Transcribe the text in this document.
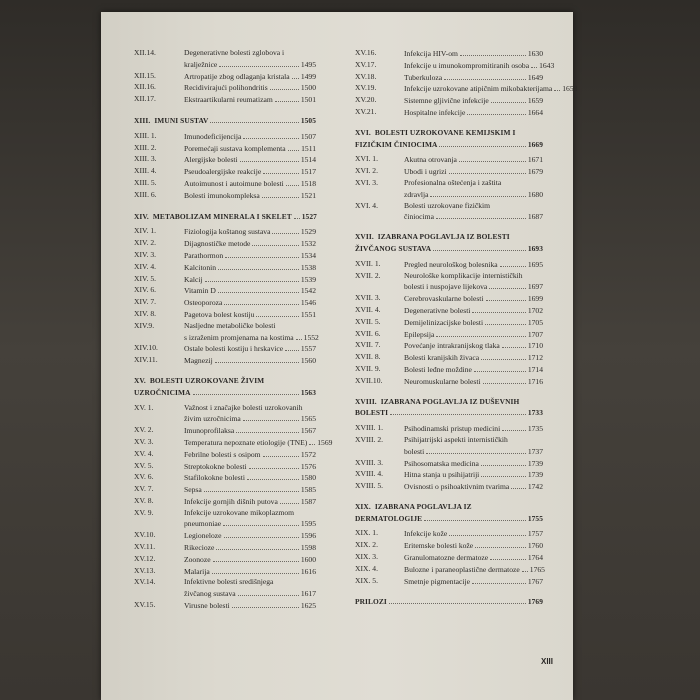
XII.14.	Degenerativne bolesti zglobova i
kralježnice	1495
XII.15.	Artropatije zbog odlaganja kristala 1499
XII.16.	Recidivirajući polihondritis	1500
XII.17.	Ekstraartikularni reumatizam	1501
XIII. IMUNI SUSTAV	1505
XIII. 1.	Imunodeficijencija	1507
XIII. 2.	Poremećaji sustava komplementa 1511
XIII. 3.	Alergijske bolesti	1514
XIII. 4.	Pseudoalergijske reakcije	1517
XIII. 5.	Autoimunost i autoimune bolesti 1518
XIII. 6.	Bolesti imunokompleksa	1521
XIV. METABOLIZAM MINERALA I SKELET 1527
XIV. 1.	Fiziologija koštanog sustava	1529
XIV. 2.	Dijagnostičke metode	1532
XIV. 3.	Parathormon	1534
XIV. 4.	Kalcitonin	1538
XIV. 5.	Kalcij	1539
XIV. 6.	Vitamin D	1542
XIV. 7.	Osteoporoza	1546
XIV. 8.	Pagetova bolest kostiju	1551
XIV.9.	Nasljedne metaboličke bolesti
s izraženim promjenama na kostima 1552
XIV.10.	Ostale bolesti kostiju i hrskavice 1557
XIV.11.	Magnezij	1560
XV. BOLESTI UZROKOVANE ŽIVIM
UZROČNICIMA	1563
XV. 1.	Važnost i značajke bolesti uzrokovanih
živim uzročnicima	1565
XV. 2.	Imunoprofilaksa	1567
XV. 3.	Temperatura nepoznate etiologije (TNE) 1569
XV. 4.	Febrilne bolesti s osipom	1572
XV. 5.	Streptokokne bolesti	1576
XV. 6.	Stafilokokne bolesti	1580
XV. 7.	Sepsa	1585
XV. 8.	Infekcije gornjih dišnih putova	1587
XV. 9.	Infekcije uzrokovane mikoplazmom
pneumoniae	1595
XV.10.	Legioneloze	1596
XV.11.	Rikecioze	1598
XV.12.	Zoonoze	1600
XV.13.	Malarija	1616
XV.14.	Infektivne bolesti središnjega
živčanog sustava	1617
XV.15.	Virusne bolesti	1625
XV.16.	Infekcija HIV-om	1630
XV.17.	Infekcije u imunokompromitiranih osoba 1643
XV.18.	Tuberkuloza	1649
XV.19.	Infekcije uzrokovane atipičnim mikobakterijama 1658
XV.20.	Sistemne gljivične infekcije	1659
XV.21.	Hospitalne infekcije	1664
XVI. BOLESTI UZROKOVANE KEMIJSKIM I
FIZIČKIM ČINIOCIMA	1669
XVI. 1.	Akutna otrovanja	1671
XVI. 2.	Ubodi i ugrizi	1679
XVI. 3.	Profesionalna oštećenja i zaštita
zdravlja	1680
XVI. 4.	Bolesti uzrokovane fizičkim
činiocima	1687
XVII. IZABRANA POGLAVLJA IZ BOLESTI
ŽIVČANOG SUSTAVA	1693
XVII. 1.	Pregled neurološkog bolesnika	1695
XVII. 2.	Neurološke komplikacije internističkih
bolesti i nuspojave lijekova	1697
XVII. 3.	Cerebrovaskularne bolesti	1699
XVII. 4.	Degenerativne bolesti	1702
XVII. 5.	Demijelinizacijske bolesti	1705
XVII. 6.	Epilepsija	1707
XVII. 7.	Povećanje intrakranijskog tlaka	1710
XVII. 8.	Bolesti kranijskih živaca	1712
XVII. 9.	Bolesti leđne moždine	1714
XVII.10.	Neuromuskularne bolesti	1716
XVIII. IZABRANA POGLAVLJA IZ DUŠEVNIH
BOLESTI	1733
XVIII. 1.	Psihodinamski pristup medicini	1735
XVIII. 2.	Psihijatrijski aspekti internističkih
bolesti	1737
XVIII. 3.	Psihosomatska medicina	1739
XVIII. 4.	Hitna stanja u psihijatriji	1739
XVIII. 5.	Ovisnosti o psihoaktivnim tvarima 1742
XIX. IZABRANA POGLAVLJA IZ
DERMATOLOGIJE	1755
XIX. 1.	Infekcije kože	1757
XIX. 2.	Eritemske bolesti kože	1760
XIX. 3.	Granulomatozne dermatoze	1764
XIX. 4.	Bulozne i paraneoplastične dermatoze 1765
XIX. 5.	Smetnje pigmentacije	1767
PRILOZI	1769
XIII
